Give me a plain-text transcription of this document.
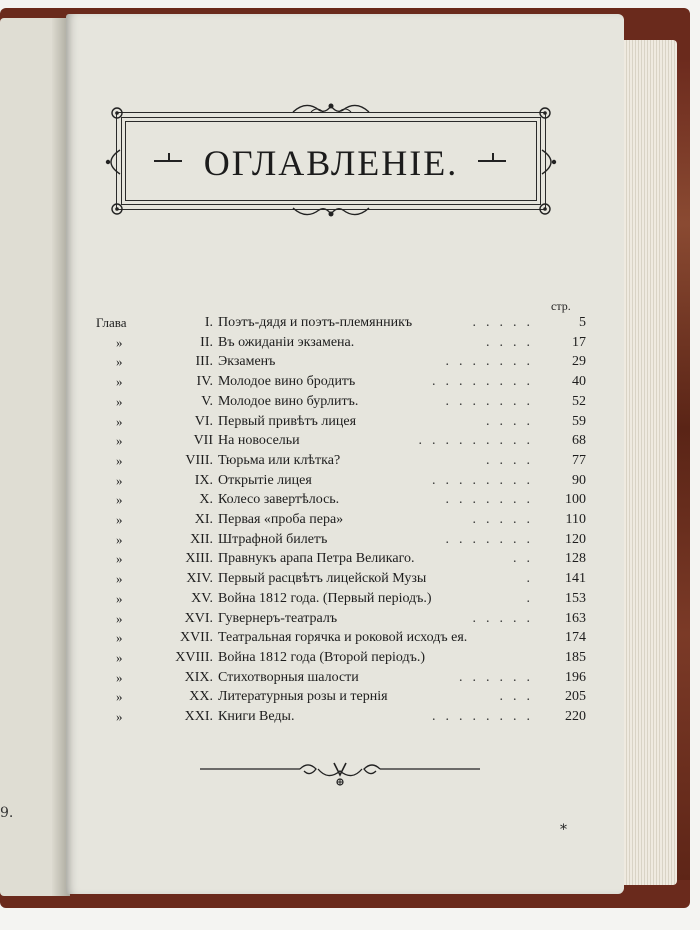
9.
ОГЛАВЛЕНІЕ.
стр.
Глава	I. Поэтъ-дядя и поэтъ-племянникъ	.....	5
»	II. Въ ожиданіи экзамена.	.... 17
»	III. Экзаменъ	....... 29
»	IV. Молодое вино бродитъ	........ 40
»	V. Молодое вино бурлитъ.	....... 52
»	VI. Первый привѣтъ лицея	.... 59
»	VII На новосельи	......... 68
»	VIII. Тюрьма или клѣтка?	.... 77
»	IX. Открытіе лицея	........ 90
»	X. Колесо завертѣлось.	....... 100
»	XI. Первая «проба пера»	..... 110
»	XII. Штрафной билетъ	....... 120
»	XIII. Правнукъ арапа Петра Великаго.	.. 128
»	XIV. Первый расцвѣтъ лицейской Музы	. 141
»	XV. Война 1812 года. (Первый періодъ.)	. 153
»	XVI. Гувернеръ-театралъ	..... 163
»	XVII. Театральная горячка и роковой исходъ ея.	174
»	XVIII. Война 1812 года (Второй періодъ.)	185
»	XIX. Стихотворныя шалости	...... 196
»	XX. Литературныя розы и тернія	... 205
»	XXI. Книги Веды.	........ 220
*
